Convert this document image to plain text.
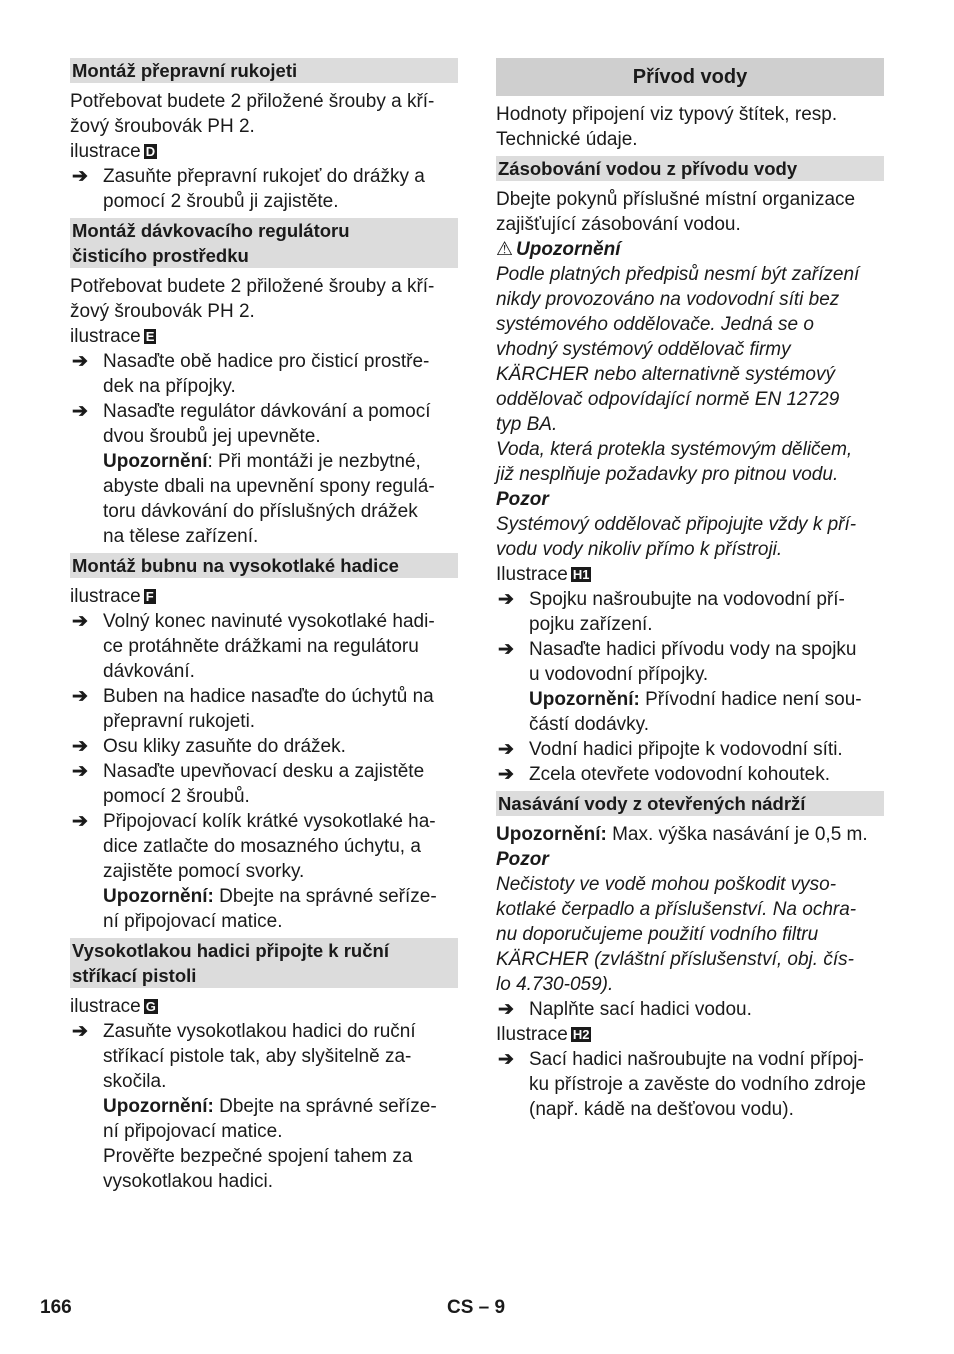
Montáž přepravní rukojeti
Potřebovat budete 2 přiložené šrouby a kří-
žový šroubovák PH 2.
ilustrace D
➔ Zasuňte přepravní rukojeť do drážky a
pomocí 2 šroubů ji zajistěte.
Montáž dávkovacího regulátoru
čisticího prostředku
Potřebovat budete 2 přiložené šrouby a kří-
žový šroubovák PH 2.
ilustrace E
➔ Nasaďte obě hadice pro čisticí prostře-
dek na přípojky.
➔ Nasaďte regulátor dávkování a pomocí
dvou šroubů jej upevněte.
Upozornění: Při montáži je nezbytné,
abyste dbali na upevnění spony regulá-
toru dávkování do příslušných drážek
na tělese zařízení.
Montáž bubnu na vysokotlaké hadice
ilustrace F
➔ Volný konec navinuté vysokotlaké hadi-
ce protáhněte drážkami na regulátoru
dávkování.
➔ Buben na hadice nasaďte do úchytů na
přepravní rukojeti.
➔ Osu kliky zasuňte do drážek.
➔ Nasaďte upevňovací desku a zajistěte
pomocí 2 šroubů.
➔ Připojovací kolík krátké vysokotlaké ha-
dice zatlačte do mosazného úchytu, a
zajistěte pomocí svorky.
Upozornění: Dbejte na správné seříze-
ní připojovací matice.
Vysokotlakou hadici připojte k ruční
stříkací pistoli
ilustrace G
➔ Zasuňte vysokotlakou hadici do ruční
stříkací pistole tak, aby slyšitelně za-
skočila.
Upozornění: Dbejte na správné seříze-
ní připojovací matice.
Prověřte bezpečné spojení tahem za
vysokotlakou hadici.
Přívod vody
Hodnoty připojení viz typový štítek, resp.
Technické údaje.
Zásobování vodou z přívodu vody
Dbejte pokynů příslušné místní organizace
zajišťující zásobování vodou.
⚠ Upozornění
Podle platných předpisů nesmí být zařízení
nikdy provozováno na vodovodní síti bez
systémového oddělovače. Jedná se o
vhodný systémový oddělovač firmy
KÄRCHER nebo alternativně systémový
oddělovač odpovídající normě EN 12729
typ BA.
Voda, která protekla systémovým děličem,
již nesplňuje požadavky pro pitnou vodu.
Pozor
Systémový oddělovač připojujte vždy k pří-
vodu vody nikoliv přímo k přístroji.
Ilustrace H1
➔ Spojku našroubujte na vodovodní pří-
pojku zařízení.
➔ Nasaďte hadici přívodu vody na spojku
u vodovodní přípojky.
Upozornění: Přívodní hadice není sou-
částí dodávky.
➔ Vodní hadici připojte k vodovodní síti.
➔ Zcela otevřete vodovodní kohoutek.
Nasávání vody z otevřených nádrží
Upozornění: Max. výška nasávání je 0,5 m.
Pozor
Nečistoty ve vodě mohou poškodit vyso-
kotlaké čerpadlo a příslušenství. Na ochra-
nu doporučujeme použití vodního filtru
KÄRCHER (zvláštní příslušenství, obj. čís-
lo 4.730-059).
➔ Naplňte sací hadici vodou.
Ilustrace H2
➔ Sací hadici našroubujte na vodní přípoj-
ku přístroje a zavěste do vodního zdroje
(např. kádě na dešťovou vodu).
166	CS – 9
